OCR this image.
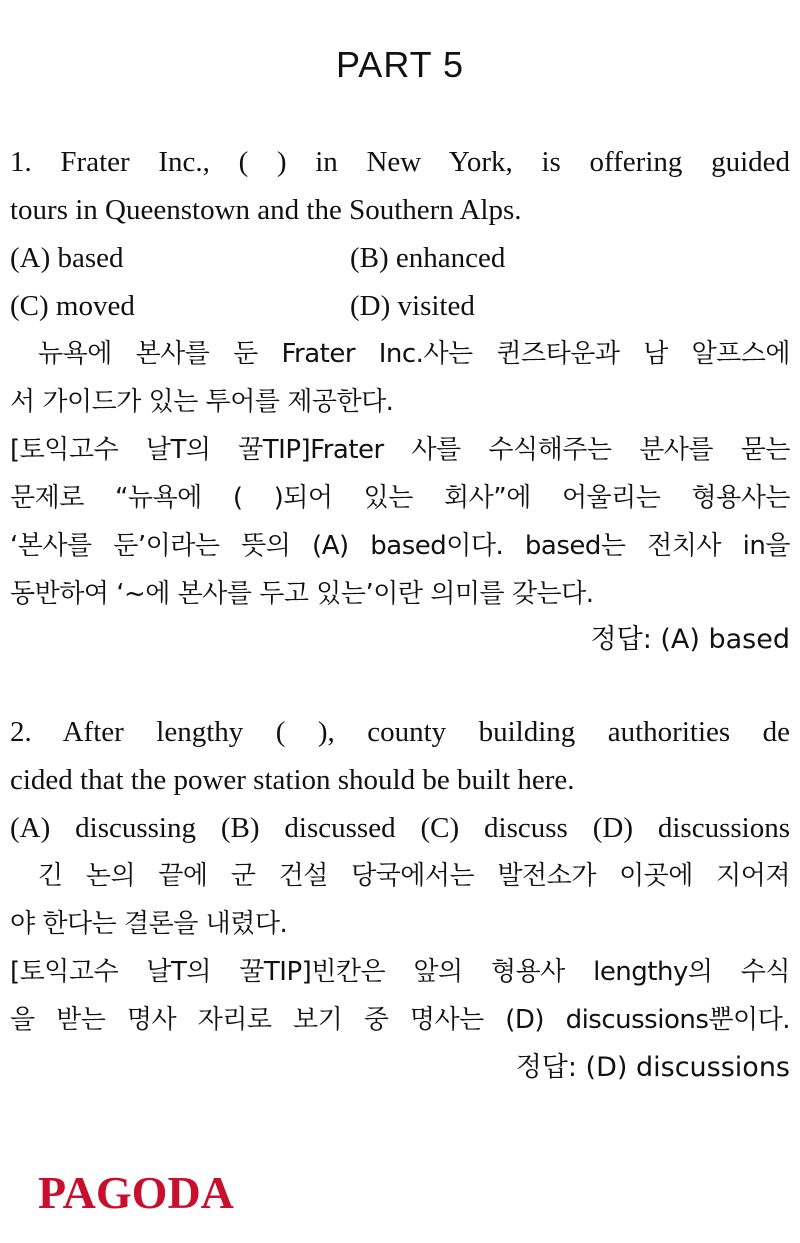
PART 5
1. Frater Inc., ( ) in New York, is offering guided
tours in Queenstown and the Southern Alps.
(A) based	(B) enhanced
(C) moved	(D) visited
뉴욕에 본사를 둔 Frater Inc.사는 퀸즈타운과 남 알프스에
서 가이드가 있는 투어를 제공한다.
[토익고수 날T의 꿀TIP]Frater 사를 수식해주는 분사를 묻는
문제로 “뉴욕에 ( )되어 있는 회사”에 어울리는 형용사는
‘본사를 둔’이라는 뜻의 (A) based이다. based는 전치사 in을
동반하여 ‘~에 본사를 두고 있는’이란 의미를 갖는다.
정답: (A) based
2. After lengthy ( ), county building authorities de
cided that the power station should be built here.
(A) discussing (B) discussed (C) discuss (D) discussions
긴 논의 끝에 군 건설 당국에서는 발전소가 이곳에 지어져
야 한다는 결론을 내렸다.
[토익고수 날T의 꿀TIP]빈칸은 앞의 형용사 lengthy의 수식
을 받는 명사 자리로 보기 중 명사는 (D) discussions뿐이다.
정답: (D) discussions
PAGODA
